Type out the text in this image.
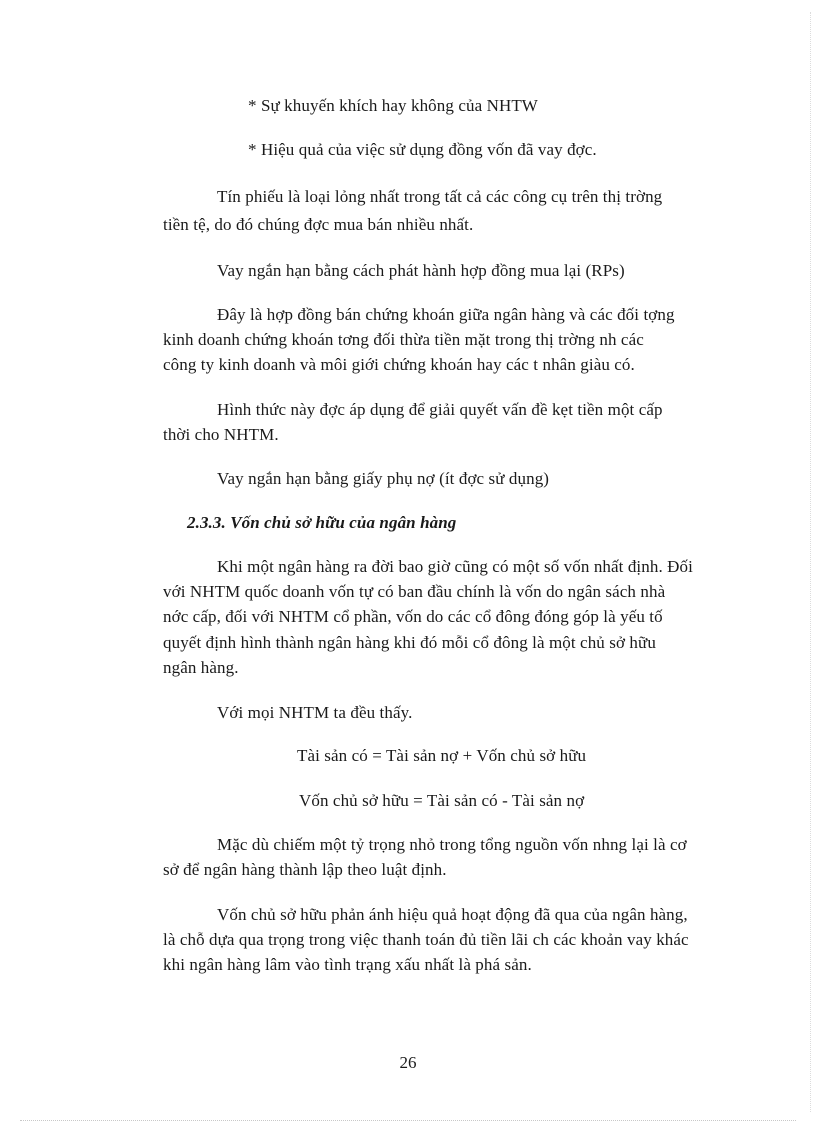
* Sự khuyến khích hay không của NHTW
* Hiệu quả của việc sử dụng đồng vốn đã vay đợc.
Tín phiếu là loại lỏng nhất trong tất cả các công cụ trên thị trờng
tiền tệ, do đó chúng đợc mua bán nhiều nhất.
Vay ngắn hạn bằng cách phát hành hợp đồng mua lại (RPs)
Đây là hợp đồng bán chứng khoán giữa ngân hàng và các đối tợng
kinh doanh chứng khoán tơng đối thừa tiền mặt trong thị trờng nh các
công ty kinh doanh và môi giới chứng khoán hay các t nhân giàu có.
Hình thức này đợc áp dụng để giải quyết vấn đề kẹt tiền một cấp
thời cho NHTM.
Vay ngắn hạn bằng giấy phụ nợ (ít đợc sử dụng)
2.3.3. Vốn chủ sở hữu của ngân hàng
Khi một ngân hàng ra đời bao giờ cũng có một số vốn nhất định. Đối
với NHTM quốc doanh vốn tự có ban đầu chính là vốn do ngân sách nhà
nớc cấp, đối với NHTM cổ phần, vốn do các cổ đông đóng góp là yếu tố
quyết định hình thành ngân hàng khi đó mỗi cổ đông là một chủ sở hữu
ngân hàng.
Với mọi NHTM ta đều thấy.
Tài sản có = Tài sản nợ + Vốn chủ sở hữu
Vốn chủ sở hữu = Tài sản có - Tài sản nợ
Mặc dù chiếm một tỷ trọng nhỏ trong tổng nguồn vốn nhng lại là cơ
sở để ngân hàng thành lập theo luật định.
Vốn chủ sở hữu phản ánh hiệu quả hoạt động đã qua của ngân hàng,
là chỗ dựa qua trọng trong việc thanh toán đủ tiền lãi ch các khoản vay khác
khi ngân hàng lâm vào tình trạng xấu nhất là phá sản.
26
